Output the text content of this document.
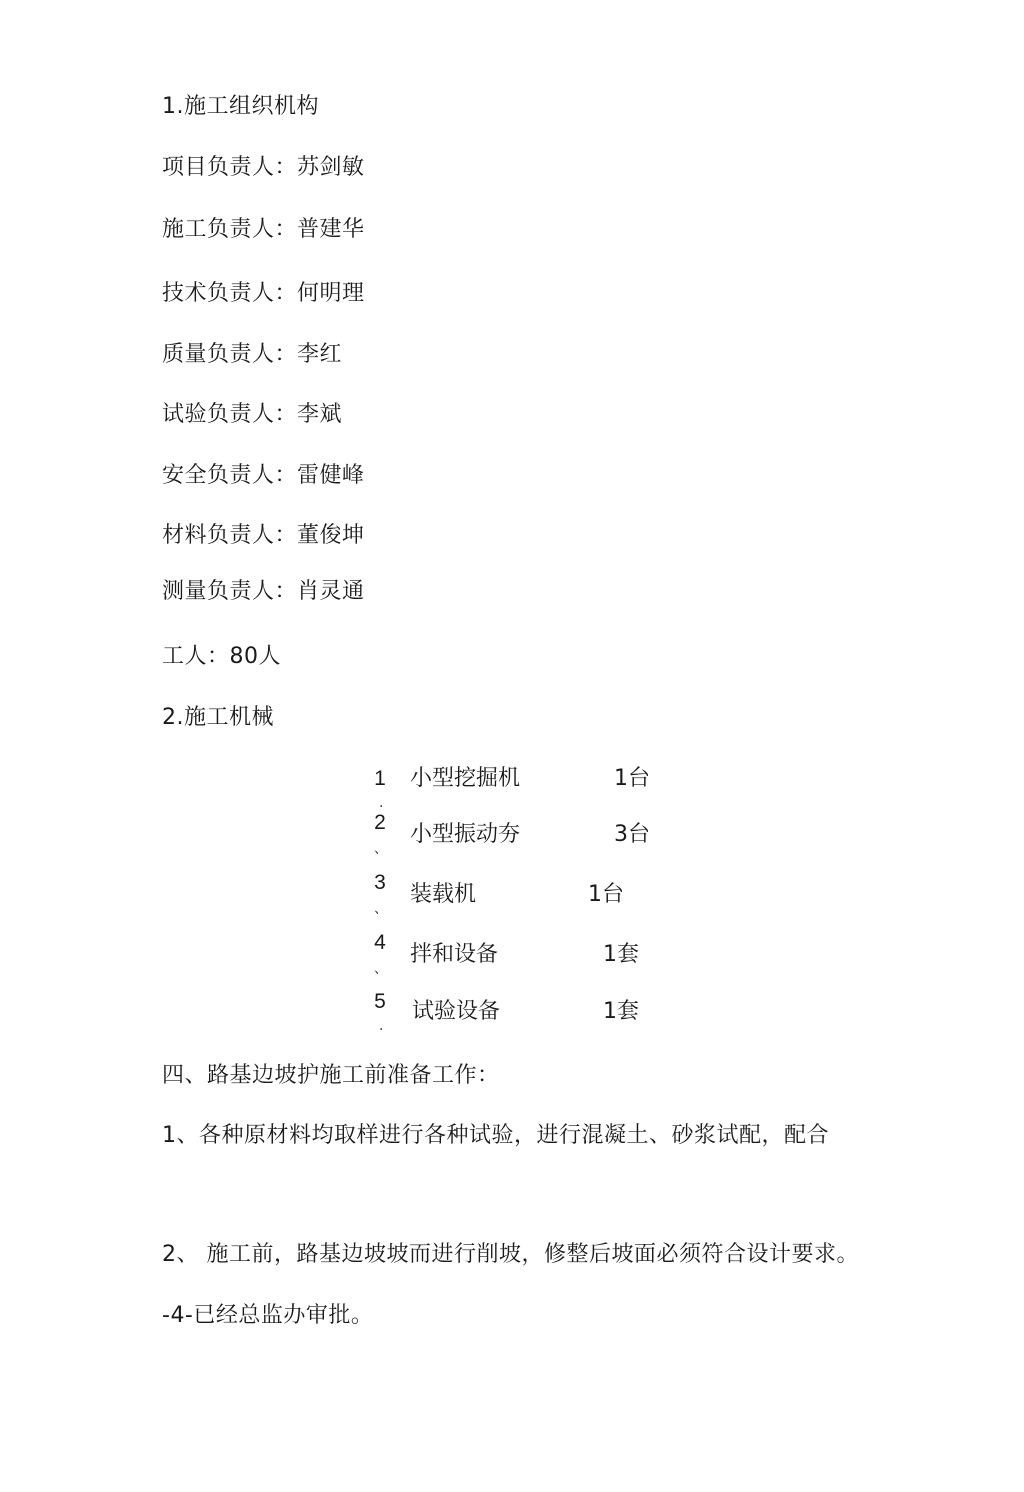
1.施工组织机构
项目负责人：苏剑敏
施工负责人：普建华
技术负责人：何明理
质量负责人：李红
试验负责人：李斌
安全负责人：雷健峰
材料负责人：董俊坤
测量负责人：肖灵通
工人：80人
2.施工机械
1 小型挖掘机	1台
.
2 小型振动夯	3台
、
3 装载机	1台
、
4 拌和设备	1套
、
5 试验设备	1套
.
四、路基边坡护施工前准备工作：
1、各种原材料均取样进行各种试验，进行混凝土、砂浆试配，配合
2、 施工前，路基边坡坡而进行削坡，修整后坡面必须符合设计要求。
-4-已经总监办审批。
